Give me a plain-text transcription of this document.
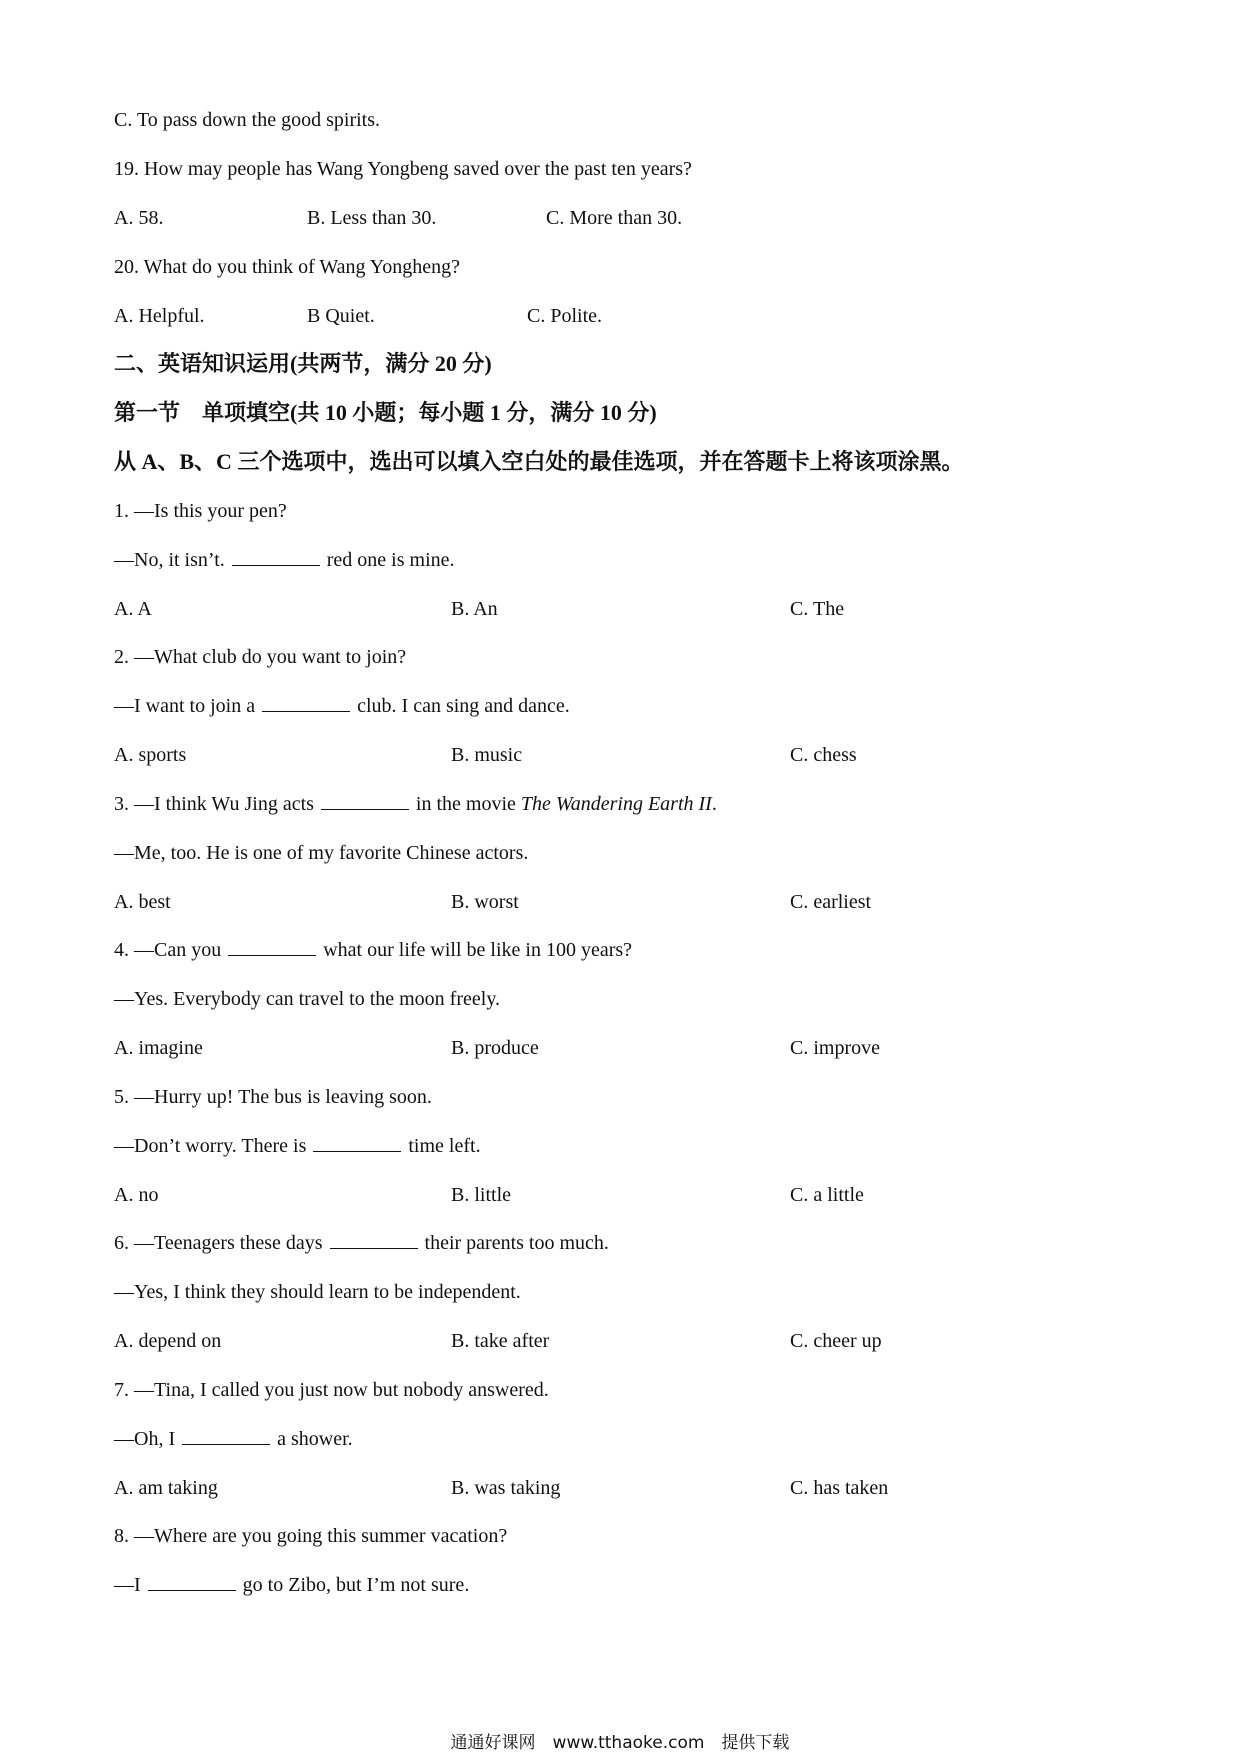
C. To pass down the good spirits.
19. How may people has Wang Yongbeng saved over the past ten years?
A. 58.	B. Less than 30.	C. More than 30.
20. What do you think of Wang Yongheng?
A. Helpful.	B Quiet.	C. Polite.
二、英语知识运用(共两节，满分 20 分)
第一节　单项填空(共 10 小题；每小题 1 分，满分 10 分)
从 A、B、C 三个选项中，选出可以填入空白处的最佳选项，并在答题卡上将该项涂黑。
1. —Is this your pen?
—No, it isn’t.	red one is mine.
A. A	B. An	C. The
2. —What club do you want to join?
—I want to join a	club. I can sing and dance.
A. sports	B. music	C. chess
3. —I think Wu Jing acts	in the movie The Wandering Earth II.
—Me, too. He is one of my favorite Chinese actors.
A. best	B. worst	C. earliest
4. —Can you	what our life will be like in 100 years?
—Yes. Everybody can travel to the moon freely.
A. imagine	B. produce	C. improve
5. —Hurry up! The bus is leaving soon.
—Don’t worry. There is	time left.
A. no	B. little	C. a little
6. —Teenagers these days	their parents too much.
—Yes, I think they should learn to be independent.
A. depend on	B. take after	C. cheer up
7. —Tina, I called you just now but nobody answered.
—Oh, I	a shower.
A. am taking	B. was taking	C. has taken
8. —Where are you going this summer vacation?
—I	go to Zibo, but I’m not sure.
通通好课网　www.tthaoke.com　提供下载
